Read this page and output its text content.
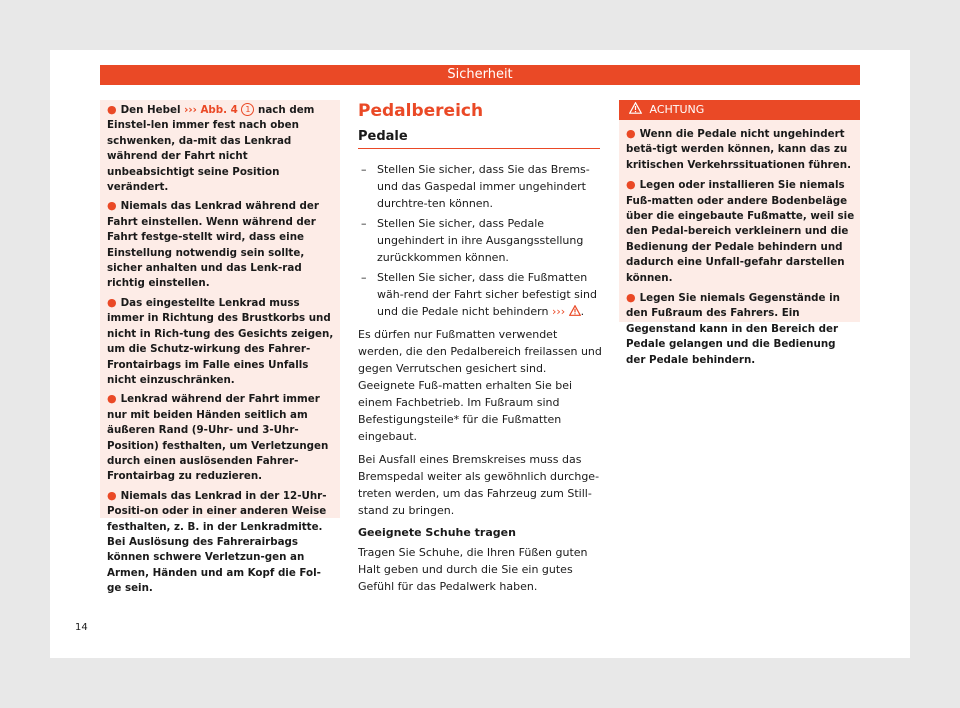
Sicherheit

● Den Hebel ››› Abb. 4 1 nach dem Einstel-len immer fest nach oben schwenken, da-mit das Lenkrad während der Fahrt nicht unbeabsichtigt seine Position verändert.

● Niemals das Lenkrad während der Fahrt einstellen. Wenn während der Fahrt festge-stellt wird, dass eine Einstellung notwendig sein sollte, sicher anhalten und das Lenk-rad richtig einstellen.

● Das eingestellte Lenkrad muss immer in Richtung des Brustkorbs und nicht in Rich-tung des Gesichts zeigen, um die Schutz-wirkung des Fahrer-Frontairbags im Falle eines Unfalls nicht einzuschränken.

● Lenkrad während der Fahrt immer nur mit beiden Händen seitlich am äußeren Rand (9-Uhr- und 3-Uhr-Position) festhalten, um Verletzungen durch einen auslösenden Fahrer-Frontairbag zu reduzieren.

● Niemals das Lenkrad in der 12-Uhr-Positi-on oder in einer anderen Weise festhalten, z. B. in der Lenkradmitte. Bei Auslösung des Fahrerairbags können schwere Verletzun-gen an Armen, Händen und am Kopf die Fol-ge sein.

Pedalbereich
Pedale

– Stellen Sie sicher, dass Sie das Brems- und das Gaspedal immer ungehindert durchtre-ten können.

– Stellen Sie sicher, dass Pedale ungehindert in ihre Ausgangsstellung zurückkommen können.

– Stellen Sie sicher, dass die Fußmatten wäh-rend der Fahrt sicher befestigt sind und die Pedale nicht behindern ››› .

Es dürfen nur Fußmatten verwendet werden, die den Pedalbereich freilassen und gegen Verrutschen gesichert sind. Geeignete Fuß-matten erhalten Sie bei einem Fachbetrieb. Im Fußraum sind Befestigungsteile* für die Fußmatten eingebaut.

Bei Ausfall eines Bremskreises muss das Bremspedal weiter als gewöhnlich durchge-treten werden, um das Fahrzeug zum Still-stand zu bringen.

Geeignete Schuhe tragen

Tragen Sie Schuhe, die Ihren Füßen guten Halt geben und durch die Sie ein gutes Gefühl für das Pedalwerk haben.

ACHTUNG

● Wenn die Pedale nicht ungehindert betä-tigt werden können, kann das zu kritischen Verkehrssituationen führen.

● Legen oder installieren Sie niemals Fuß-matten oder andere Bodenbeläge über die eingebaute Fußmatte, weil sie den Pedal-bereich verkleinern und die Bedienung der Pedale behindern und dadurch eine Unfall-gefahr darstellen können.

● Legen Sie niemals Gegenstände in den Fußraum des Fahrers. Ein Gegenstand kann in den Bereich der Pedale gelangen und die Bedienung der Pedale behindern.

14
